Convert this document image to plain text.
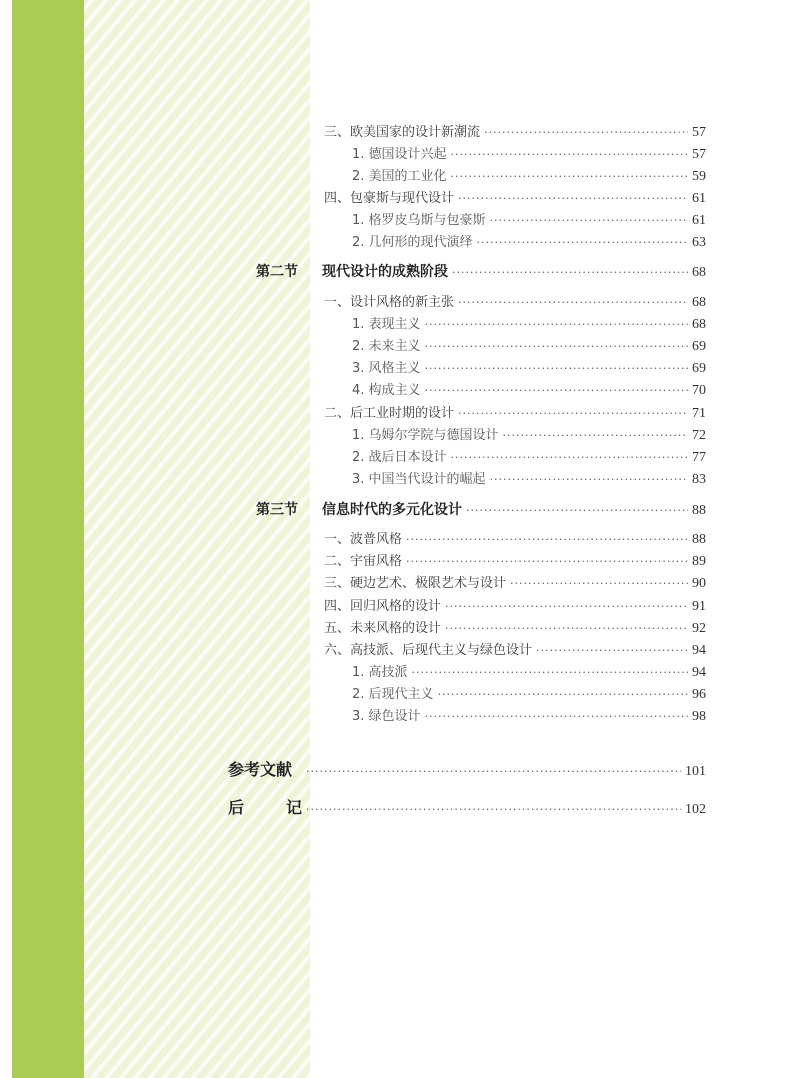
三、欧美国家的设计新潮流 ·····	57
1. 德国设计兴起 ·····	57
2. 美国的工业化 ·····	59
四、包豪斯与现代设计 ·····	61
1. 格罗皮乌斯与包豪斯 ·····	61
2. 几何形的现代演绎 ·····	63
第二节 现代设计的成熟阶段 ·····	68
一、设计风格的新主张 ·····	68
1. 表现主义 ·····	68
2. 未来主义 ·····	69
3. 风格主义 ·····	69
4. 构成主义 ·····	70
二、后工业时期的设计 ·····	71
1. 乌姆尔学院与德国设计 ·····	72
2. 战后日本设计 ·····	77
3. 中国当代设计的崛起 ·····	83
第三节 信息时代的多元化设计 ·····	88
一、波普风格 ·····	88
二、宇宙风格 ·····	89
三、硬边艺术、极限艺术与设计 ·····	90
四、回归风格的设计 ·····	91
五、未来风格的设计 ·····	92
六、高技派、后现代主义与绿色设计 ·····	94
1. 高技派 ·····	94
2. 后现代主义 ·····	96
3. 绿色设计 ·····	98
参考文献 ·····	101
后	记 ·····	102
